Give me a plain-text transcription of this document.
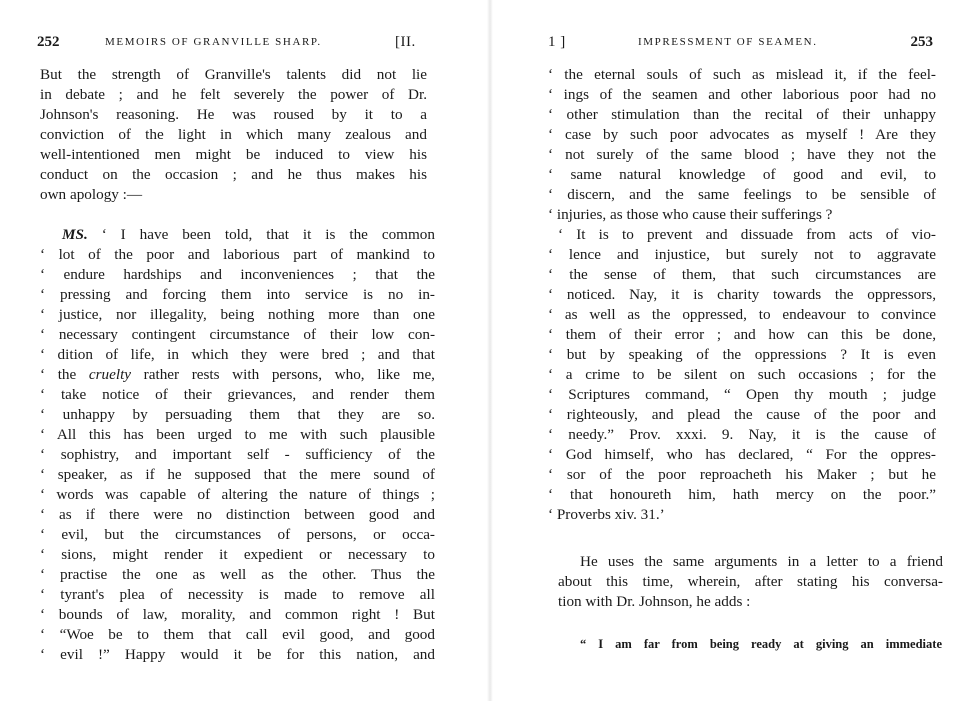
252	MEMOIRS OF GRANVILLE SHARP.	[II.
But the strength of Granville's talents did not lie
in debate ; and he felt severely the power of Dr.
Johnson's reasoning. He was roused by it to a
conviction of the light in which many zealous and
well-intentioned men might be induced to view his
conduct on the occasion ; and he thus makes his
own apology :—
MS. ‘ I have been told, that it is the common
‘ lot of the poor and laborious part of mankind to
‘ endure hardships and inconveniences ; that the
‘ pressing and forcing them into service is no in-
‘ justice, nor illegality, being nothing more than one
‘ necessary contingent circumstance of their low con-
‘ dition of life, in which they were bred ; and that
‘ the cruelty rather rests with persons, who, like me,
‘ take notice of their grievances, and render them
‘ unhappy by persuading them that they are so.
‘ All this has been urged to me with such plausible
‘ sophistry, and important self - sufficiency of the
‘ speaker, as if he supposed that the mere sound of
‘ words was capable of altering the nature of things ;
‘ as if there were no distinction between good and
‘ evil, but the circumstances of persons, or occa-
‘ sions, might render it expedient or necessary to
‘ practise the one as well as the other. Thus the
‘ tyrant's plea of necessity is made to remove all
‘ bounds of law, morality, and common right ! But
‘ “Woe be to them that call evil good, and good
‘ evil !” Happy would it be for this nation, and
1 ]	IMPRESSMENT OF SEAMEN.	253
‘ the eternal souls of such as mislead it, if the feel-
‘ ings of the seamen and other laborious poor had no
‘ other stimulation than the recital of their unhappy
‘ case by such poor advocates as myself ! Are they
‘ not surely of the same blood ; have they not the
‘ same natural knowledge of good and evil, to
‘ discern, and the same feelings to be sensible of
‘ injuries, as those who cause their sufferings ?
‘ It is to prevent and dissuade from acts of vio-
‘ lence and injustice, but surely not to aggravate
‘ the sense of them, that such circumstances are
‘ noticed. Nay, it is charity towards the oppressors,
‘ as well as the oppressed, to endeavour to convince
‘ them of their error ; and how can this be done,
‘ but by speaking of the oppressions ? It is even
‘ a crime to be silent on such occasions ; for the
‘ Scriptures command, “ Open thy mouth ; judge
‘ righteously, and plead the cause of the poor and
‘ needy.” Prov. xxxi. 9. Nay, it is the cause of
‘ God himself, who has declared, “ For the oppres-
‘ sor of the poor reproacheth his Maker ; but he
‘ that honoureth him, hath mercy on the poor.”
‘ Proverbs xiv. 31.’
He uses the same arguments in a letter to a friend
about this time, wherein, after stating his conversa-
tion with Dr. Johnson, he adds :
“ I am far from being ready at giving an immediate
